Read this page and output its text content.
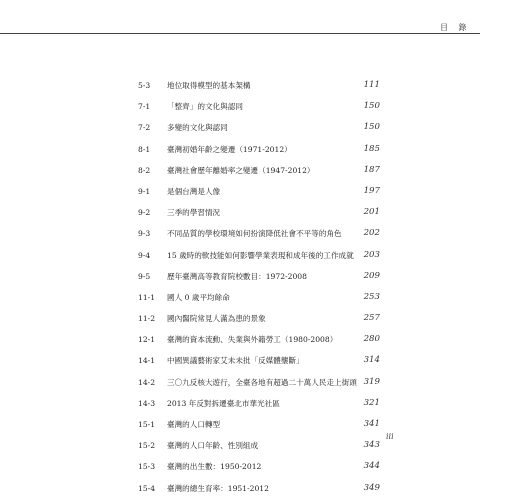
目 錄
5-3	地位取得模型的基本架構	111
7-1	「整齊」的文化與認同	150
7-2	多變的文化與認同	150
8-1	臺灣初婚年齡之變遷（1971-2012）	185
8-2	臺灣社會歷年離婚率之變遷（1947-2012）	187
9-1	是個台灣是人像	197
9-2	三季的學習情況	201
9-3	不同品質的學校環境如何扮演降低社會不平等的角色	202
9-4	15 歲時的軟技能如何影響學業表現和成年後的工作成就 203
9-5	歷年臺灣高等教育院校數目：1972-2008	209
11-1	國人 0 歲平均餘命	253
11-2	國內醫院常見人滿為患的景象	257
12-1	臺灣的資本流動、失業與外籍勞工（1980-2008）	280
14-1	中國異議藝術家艾未未批「反媒體壟斷」	314
14-2	三〇九反核大遊行，全臺各地有超過二十萬人民走上街頭 319
14-3	2013 年反對拆遷臺北市華光社區	321
15-1	臺灣的人口轉型	341
15-2	臺灣的人口年齡、性別組成	343
15-3	臺灣的出生數：1950-2012	344
15-4	臺灣的總生育率：1951-2012	349
iii
